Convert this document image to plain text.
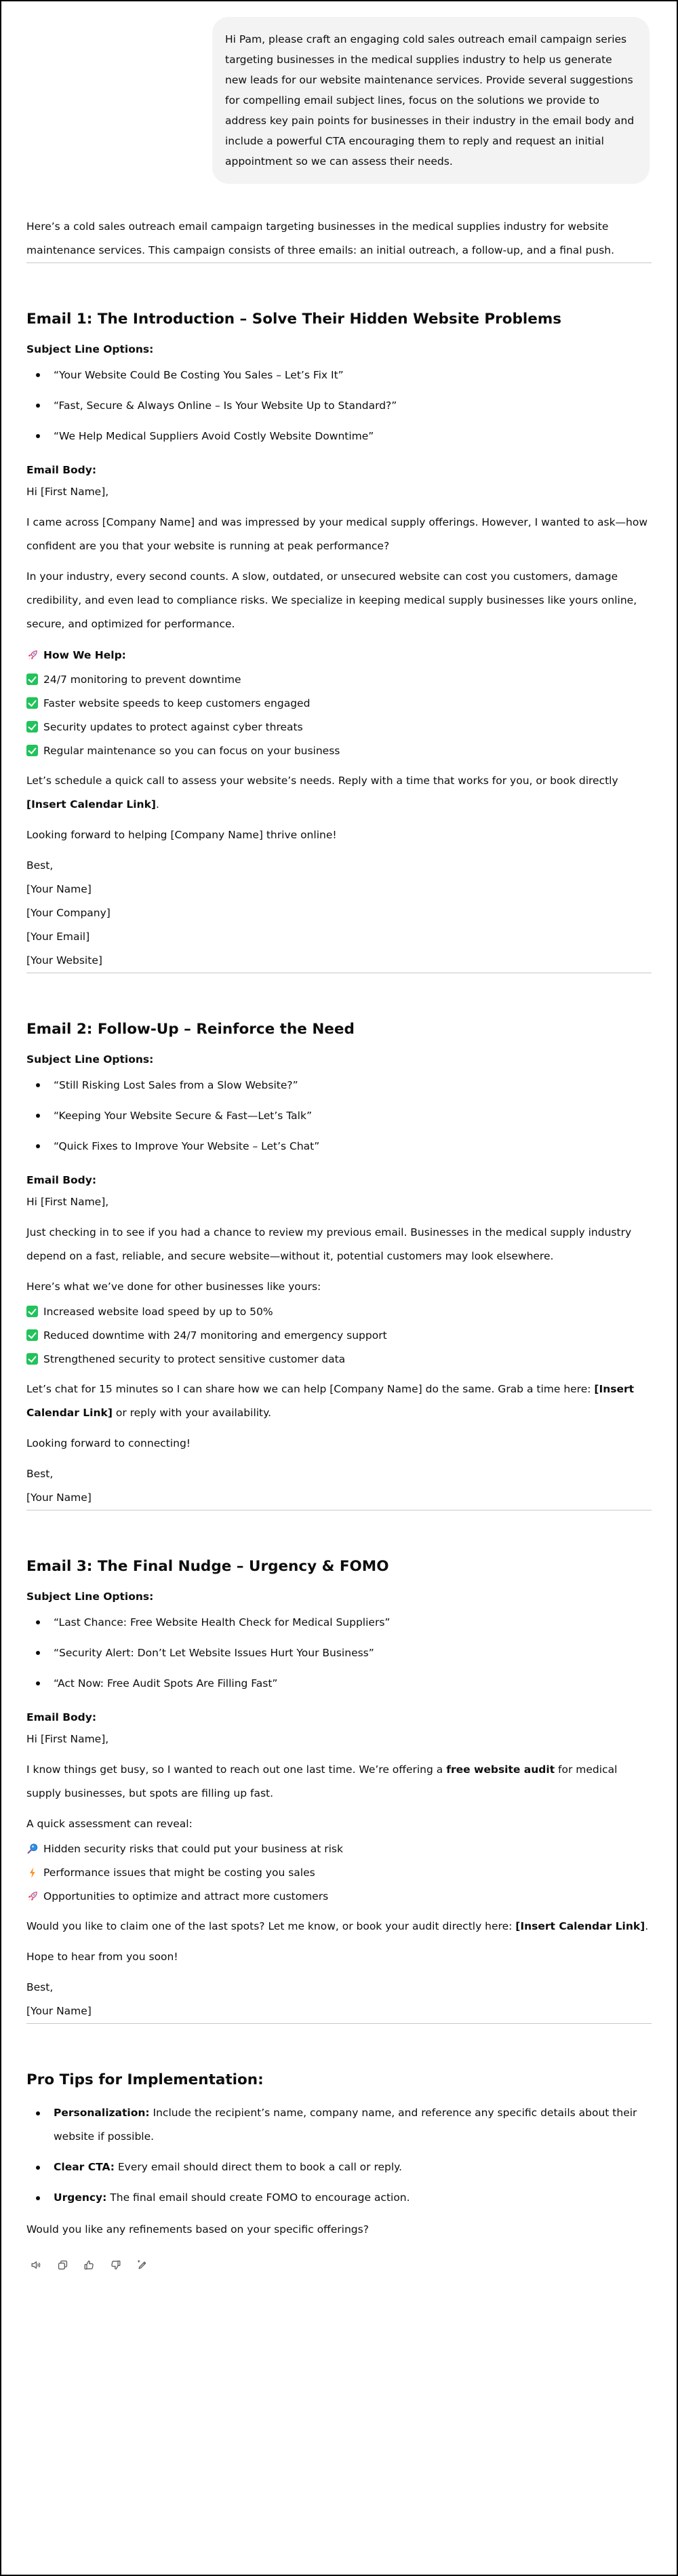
Hi Pam, please craft an engaging cold sales outreach email campaign series targeting businesses in the medical supplies industry to help us generate new leads for our website maintenance services. Provide several suggestions for compelling email subject lines, focus on the solutions we provide to address key pain points for businesses in their industry in the email body and include a powerful CTA encouraging them to reply and request an initial appointment so we can assess their needs.

Here’s a cold sales outreach email campaign targeting businesses in the medical supplies industry for website maintenance services. This campaign consists of three emails: an initial outreach, a follow-up, and a final push.

Email 1: The Introduction – Solve Their Hidden Website Problems
Subject Line Options:
“Your Website Could Be Costing You Sales – Let’s Fix It”
“Fast, Secure & Always Online – Is Your Website Up to Standard?”
“We Help Medical Suppliers Avoid Costly Website Downtime”
Email Body:

Hi [First Name],

I came across [Company Name] and was impressed by your medical supply offerings. However, I wanted to ask—how confident are you that your website is running at peak performance?

In your industry, every second counts. A slow, outdated, or unsecured website can cost you customers, damage credibility, and even lead to compliance risks. We specialize in keeping medical supply businesses like yours online, secure, and optimized for performance.

How We Help:
24/7 monitoring to prevent downtime
Faster website speeds to keep customers engaged
Security updates to protect against cyber threats
Regular maintenance so you can focus on your business

Let’s schedule a quick call to assess your website’s needs. Reply with a time that works for you, or book directly [Insert Calendar Link].

Looking forward to helping [Company Name] thrive online!

Best,

[Your Name]

[Your Company]

[Your Email]

[Your Website]

Email 2: Follow-Up – Reinforce the Need
Subject Line Options:
“Still Risking Lost Sales from a Slow Website?”
“Keeping Your Website Secure & Fast—Let’s Talk”
“Quick Fixes to Improve Your Website – Let’s Chat”
Email Body:

Hi [First Name],

Just checking in to see if you had a chance to review my previous email. Businesses in the medical supply industry depend on a fast, reliable, and secure website—without it, potential customers may look elsewhere.

Here’s what we’ve done for other businesses like yours:

Increased website load speed by up to 50%
Reduced downtime with 24/7 monitoring and emergency support
Strengthened security to protect sensitive customer data

Let’s chat for 15 minutes so I can share how we can help [Company Name] do the same. Grab a time here: [Insert Calendar Link] or reply with your availability.

Looking forward to connecting!

Best,

[Your Name]

Email 3: The Final Nudge – Urgency & FOMO
Subject Line Options:
“Last Chance: Free Website Health Check for Medical Suppliers”
“Security Alert: Don’t Let Website Issues Hurt Your Business”
“Act Now: Free Audit Spots Are Filling Fast”
Email Body:

Hi [First Name],

I know things get busy, so I wanted to reach out one last time. We’re offering a free website audit for medical supply businesses, but spots are filling up fast.

A quick assessment can reveal:

Hidden security risks that could put your business at risk
Performance issues that might be costing you sales
Opportunities to optimize and attract more customers

Would you like to claim one of the last spots? Let me know, or book your audit directly here: [Insert Calendar Link].

Hope to hear from you soon!

Best,

[Your Name]

Pro Tips for Implementation:
Personalization: Include the recipient’s name, company name, and reference any specific details about their website if possible.
Clear CTA: Every email should direct them to book a call or reply.
Urgency: The final email should create FOMO to encourage action.

Would you like any refinements based on your specific offerings?
